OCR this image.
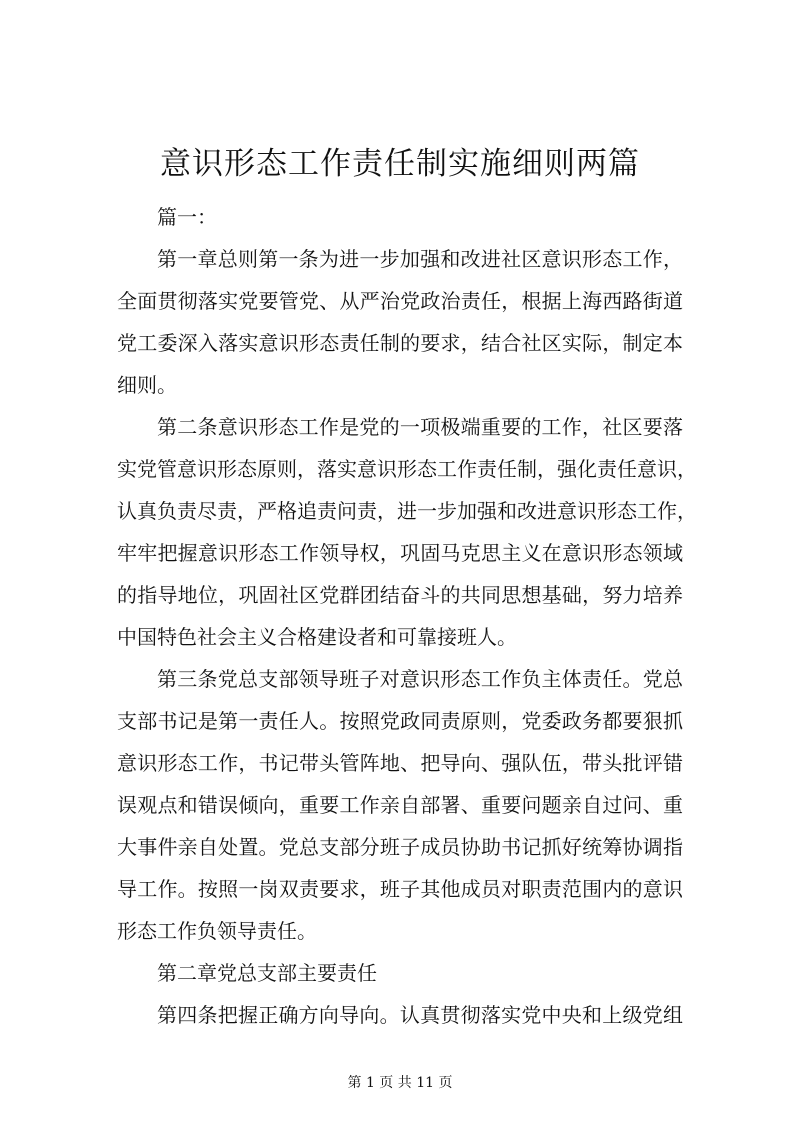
意识形态工作责任制实施细则两篇
篇一：
第一章总则第一条为进一步加强和改进社区意识形态工作，
全面贯彻落实党要管党、从严治党政治责任，根据上海西路街道
党工委深入落实意识形态责任制的要求，结合社区实际，制定本
细则。
第二条意识形态工作是党的一项极端重要的工作，社区要落
实党管意识形态原则，落实意识形态工作责任制，强化责任意识，
认真负责尽责，严格追责问责，进一步加强和改进意识形态工作，
牢牢把握意识形态工作领导权，巩固马克思主义在意识形态领域
的指导地位，巩固社区党群团结奋斗的共同思想基础，努力培养
中国特色社会主义合格建设者和可靠接班人。
第三条党总支部领导班子对意识形态工作负主体责任。党总
支部书记是第一责任人。按照党政同责原则，党委政务都要狠抓
意识形态工作，书记带头管阵地、把导向、强队伍，带头批评错
误观点和错误倾向，重要工作亲自部署、重要问题亲自过问、重
大事件亲自处置。党总支部分班子成员协助书记抓好统筹协调指
导工作。按照一岗双责要求，班子其他成员对职责范围内的意识
形态工作负领导责任。
第二章党总支部主要责任
第四条把握正确方向导向。认真贯彻落实党中央和上级党组
第 1 页 共 11 页
